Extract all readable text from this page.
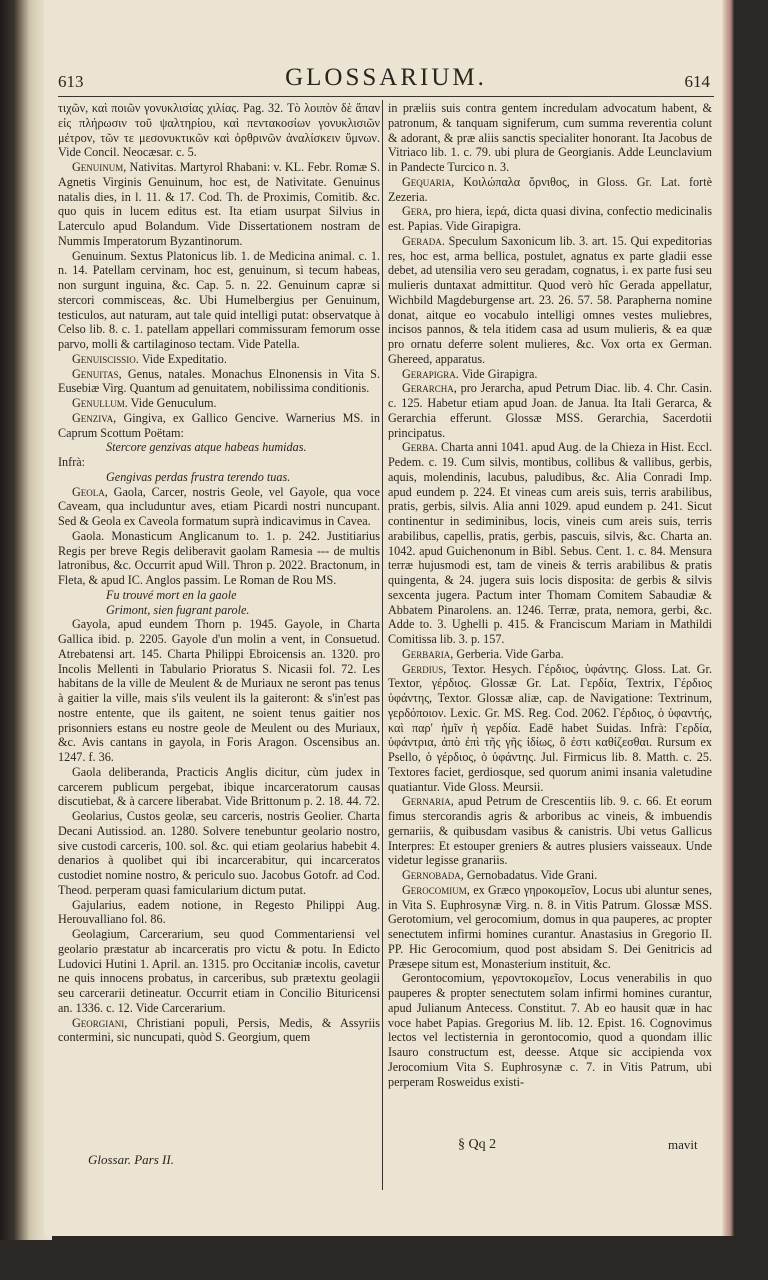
613	GLOSSARIUM.	614

τιχῶν, καὶ ποιῶν γονυκλισίας χιλίας. Pag. 32. Τὸ λοιπὸν δὲ ἅπαν εἰς πλήρωσιν τοῦ ψαλτηρίου, καὶ πεντακοσίων γονυκλισιῶν μέτρον, τῶν τε μεσονυκτικῶν καὶ ὀρθρινῶν ἀναλίσκειν ὕμνων. Vide Concil. Neocæsar. c. 5.

Genuinum, Nativitas. Martyrol Rhabani: v. KL. Febr. Romæ S. Agnetis Virginis Genuinum, hoc est, de Nativitate. Genuinus natalis dies, in l. 11. & 17. Cod. Th. de Proximis, Comitib. &c. quo quis in lucem editus est. Ita etiam usurpat Silvius in Laterculo apud Bolandum. Vide Dissertationem nostram de Nummis Imperatorum Byzantinorum.

Genuinum. Sextus Platonicus lib. 1. de Medicina animal. c. 1. n. 14. Patellam cervinam, hoc est, genuinum, si tecum habeas, non surgunt inguina, &c. Cap. 5. n. 22. Genuinum capræ si stercori commisceas, &c. Ubi Humelbergius per Genuinum, testiculos, aut naturam, aut tale quid intelligi putat: observatque à Celso lib. 8. c. 1. patellam appellari commissuram femorum osse parvo, molli & cartilaginoso tectam. Vide Patella.

Genuiscissio. Vide Expeditatio.

Genuitas, Genus, natales. Monachus Elnonensis in Vita S. Eusebiæ Virg. Quantum ad genuitatem, nobilissima conditionis.

Genullum. Vide Genuculum.

Genziva, Gingiva, ex Gallico Gencive. Warnerius MS. in Caprum Scottum Poëtam:

Stercore genzivas atque habeas humidas.

Infrà:

Gengivas perdas frustra terendo tuas.

Geola, Gaola, Carcer, nostris Geole, vel Gayole, qua voce Caveam, qua includuntur aves, etiam Picardi nostri nuncupant. Sed & Geola ex Caveola formatum suprà indicavimus in Cavea.

Gaola. Monasticum Anglicanum to. 1. p. 242. Justitiarius Regis per breve Regis deliberavit gaolam Ramesia --- de multis latronibus, &c. Occurrit apud Will. Thron p. 2022. Bractonum, in Fleta, & apud IC. Anglos passim. Le Roman de Rou MS.

Fu trouvé mort en la gaole

Grimont, sien fugrant parole.

Gayola, apud eundem Thorn p. 1945. Gayole, in Charta Gallica ibid. p. 2205. Gayole d'un molin a vent, in Consuetud. Atrebatensi art. 145. Charta Philippi Ebroicensis an. 1320. pro Incolis Mellenti in Tabulario Prioratus S. Nicasii fol. 72. Les habitans de la ville de Meulent & de Muriaux ne seront pas tenus à gaitier la ville, mais s'ils veulent ils la gaiteront: & s'in'est pas nostre entente, que ils gaitent, ne soient tenus gaitier nos prisonniers estans eu nostre geole de Meulent ou des Muriaux, &c. Avis cantans in gayola, in Foris Aragon. Oscensibus an. 1247. f. 36.

Gaola deliberanda, Practicis Anglis dicitur, cùm judex in carcerem publicum pergebat, ibique incarceratorum causas discutiebat, & à carcere liberabat. Vide Brittonum p. 2. 18. 44. 72.

Geolarius, Custos geolæ, seu carceris, nostris Geolier. Charta Decani Autissiod. an. 1280. Solvere tenebuntur geolario nostro, sive custodi carceris, 100. sol. &c. qui etiam geolarius habebit 4. denarios à quolibet qui ibi incarcerabitur, qui incarceratos custodiet nomine nostro, & periculo suo. Jacobus Gotofr. ad Cod. Theod. perperam quasi famicularium dictum putat.

Gajularius, eadem notione, in Regesto Philippi Aug. Herouvalliano fol. 86.

Geolagium, Carcerarium, seu quod Commentariensi vel geolario præstatur ab incarceratis pro victu & potu. In Edicto Ludovici Hutini 1. April. an. 1315. pro Occitaniæ incolis, cavetur ne quis innocens probatus, in carceribus, sub prætextu geolagii seu carcerarii detineatur. Occurrit etiam in Concilio Bituricensi an. 1336. c. 12. Vide Carcerarium.

Georgiani, Christiani populi, Persis, Medis, & Assyriis contermini, sic nuncupati, quòd S. Georgium, quem

in præliis suis contra gentem incredulam advocatum habent, & patronum, & tanquam signiferum, cum summa reverentia colunt & adorant, & præ aliis sanctis specialiter honorant. Ita Jacobus de Vitriaco lib. 1. c. 79. ubi plura de Georgianis. Adde Leunclavium in Pandecte Turcico n. 3.

Gequaria, Κοιλώπαλα ὄρνιθος, in Gloss. Gr. Lat. fortè Zezeria.

Gera, pro hiera, ἱερά, dicta quasi divina, confectio medicinalis est. Papias. Vide Girapigra.

Gerada. Speculum Saxonicum lib. 3. art. 15. Qui expeditorias res, hoc est, arma bellica, postulet, agnatus ex parte gladii esse debet, ad utensilia vero seu geradam, cognatus, i. ex parte fusi seu mulieris duntaxat admittitur. Quod verò hîc Gerada appellatur, Wichbild Magdeburgense art. 23. 26. 57. 58. Parapherna nomine donat, aitque eo vocabulo intelligi omnes vestes muliebres, incisos pannos, & tela itidem casa ad usum mulieris, & ea quæ pro ornatu deferre solent mulieres, &c. Vox orta ex German. Ghereed, apparatus.

Gerapigra. Vide Girapigra.

Gerarcha, pro Jerarcha, apud Petrum Diac. lib. 4. Chr. Casin. c. 125. Habetur etiam apud Joan. de Janua. Ita Itali Gerarca, & Gerarchia efferunt. Glossæ MSS. Gerarchia, Sacerdotii principatus.

Gerba. Charta anni 1041. apud Aug. de la Chieza in Hist. Eccl. Pedem. c. 19. Cum silvis, montibus, collibus & vallibus, gerbis, aquis, molendinis, lacubus, paludibus, &c. Alia Conradi Imp. apud eundem p. 224. Et vineas cum areis suis, terris arabilibus, pratis, gerbis, silvis. Alia anni 1029. apud eundem p. 241. Sicut continentur in sediminibus, locis, vineis cum areis suis, terris arabilibus, capellis, pratis, gerbis, pascuis, silvis, &c. Charta an. 1042. apud Guichenonum in Bibl. Sebus. Cent. 1. c. 84. Mensura terræ hujusmodi est, tam de vineis & terris arabilibus & pratis quingenta, & 24. jugera suis locis disposita: de gerbis & silvis sexcenta jugera. Pactum inter Thomam Comitem Sabaudiæ & Abbatem Pinarolens. an. 1246. Terræ, prata, nemora, gerbi, &c. Adde to. 3. Ughelli p. 415. & Franciscum Mariam in Mathildi Comitissa lib. 3. p. 157.

Gerbaria, Gerberia. Vide Garba.

Gerdius, Textor. Hesych. Γέρδιος, ὑφάντης. Gloss. Lat. Gr. Textor, γέρδιος. Glossæ Gr. Lat. Γερδία, Textrix, Γέρδιος ὑφάντης, Textor. Glossæ aliæ, cap. de Navigatione: Textrinum, γερδόποιον. Lexic. Gr. MS. Reg. Cod. 2062. Γέρδιος, ὁ ὑφαντής, καὶ παρ' ἡμῖν ἡ γερδία. Eadē habet Suidas. Infrà: Γερδία, ὑφάντρια, ἀπὸ ἐπὶ τῆς γῆς ἰδίως, ὅ ἐστι καθίζεσθαι. Rursum ex Psello, ὁ γέρδιος, ὁ ὑφάντης. Jul. Firmicus lib. 8. Matth. c. 25. Textores faciet, gerdiosque, sed quorum animi insania valetudine quatiantur. Vide Gloss. Meursii.

Gernaria, apud Petrum de Crescentiis lib. 9. c. 66. Et eorum fimus stercorandis agris & arboribus ac vineis, & imbuendis gernariis, & quibusdam vasibus & canistris. Ubi vetus Gallicus Interpres: Et estouper greniers & autres plusiers vaisseaux. Unde videtur legisse granariis.

Gernobada, Gernobadatus. Vide Grani.

Gerocomium, ex Græco γηροκομεῖον, Locus ubi aluntur senes, in Vita S. Euphrosynæ Virg. n. 8. in Vitis Patrum. Glossæ MSS. Gerotomium, vel gerocomium, domus in qua pauperes, ac propter senectutem infirmi homines curantur. Anastasius in Gregorio II. PP. Hic Gerocomium, quod post absidam S. Dei Genitricis ad Præsepe situm est, Monasterium instituit, &c.

Gerontocomium, γεροντοκομεῖον, Locus venerabilis in quo pauperes & propter senectutem solam infirmi homines curantur, apud Julianum Antecess. Constitut. 7. Ab eo hausit quæ in hac voce habet Papias. Gregorius M. lib. 12. Epist. 16. Cognovimus lectos vel lectisternia in gerontocomio, quod a quondam illic Isauro constructum est, deesse. Atque sic accipienda vox Jerocomium Vita S. Euphrosynæ c. 7. in Vitis Patrum, ubi perperam Rosweidus existi-

Glossar. Pars II.
§ Qq 2	mavit
